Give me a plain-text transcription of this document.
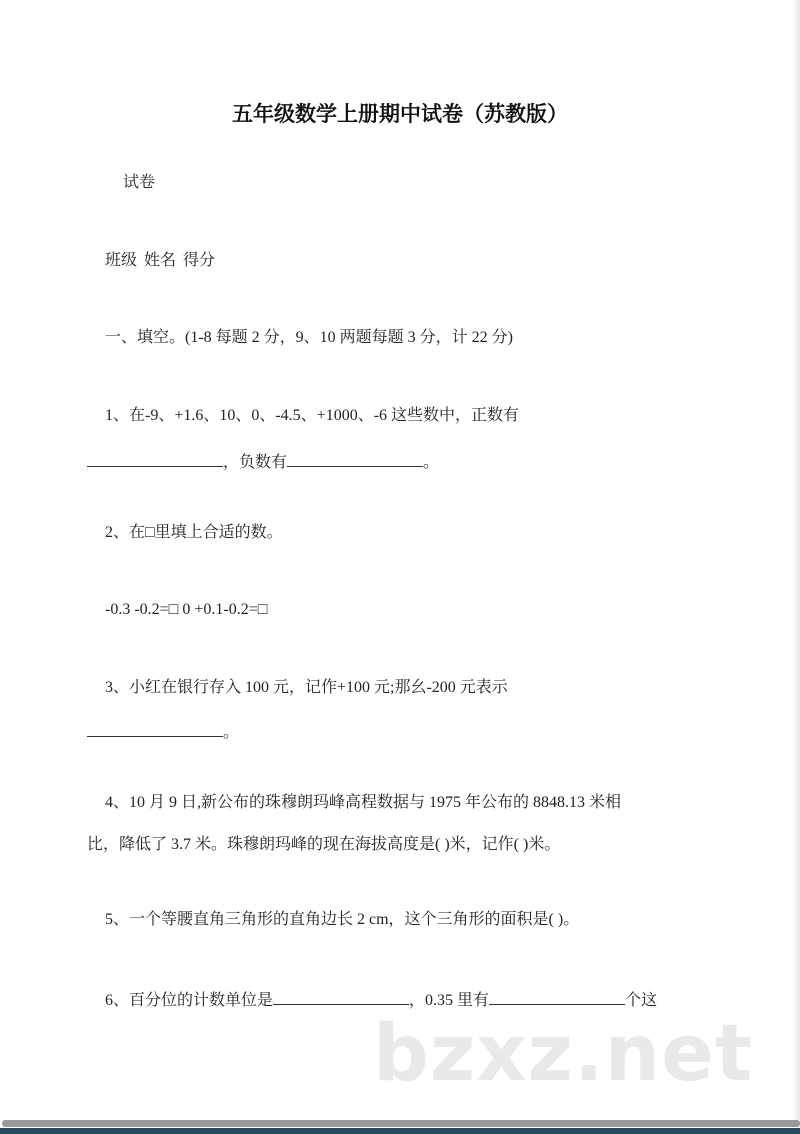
五年级数学上册期中试卷（苏教版）
试卷
班级 姓名 得分
一、填空。(1-8 每题 2 分，9、10 两题每题 3 分，计 22 分)
1、在-9、+1.6、10、0、-4.5、+1000、-6 这些数中，正数有
，负数有	。
2、在□里填上合适的数。
-0.3 -0.2=□ 0 +0.1-0.2=□
3、小红在银行存入 100 元，记作+100 元;那幺-200 元表示
。
4、10 月 9 日,新公布的珠穆朗玛峰高程数据与 1975 年公布的 8848.13 米相
比，降低了 3.7 米。珠穆朗玛峰的现在海拔高度是( )米，记作( )米。
5、一个等腰直角三角形的直角边长 2 cm，这个三角形的面积是( )。
6、百分位的计数单位是	，0.35 里有	个这
bzxz.net
